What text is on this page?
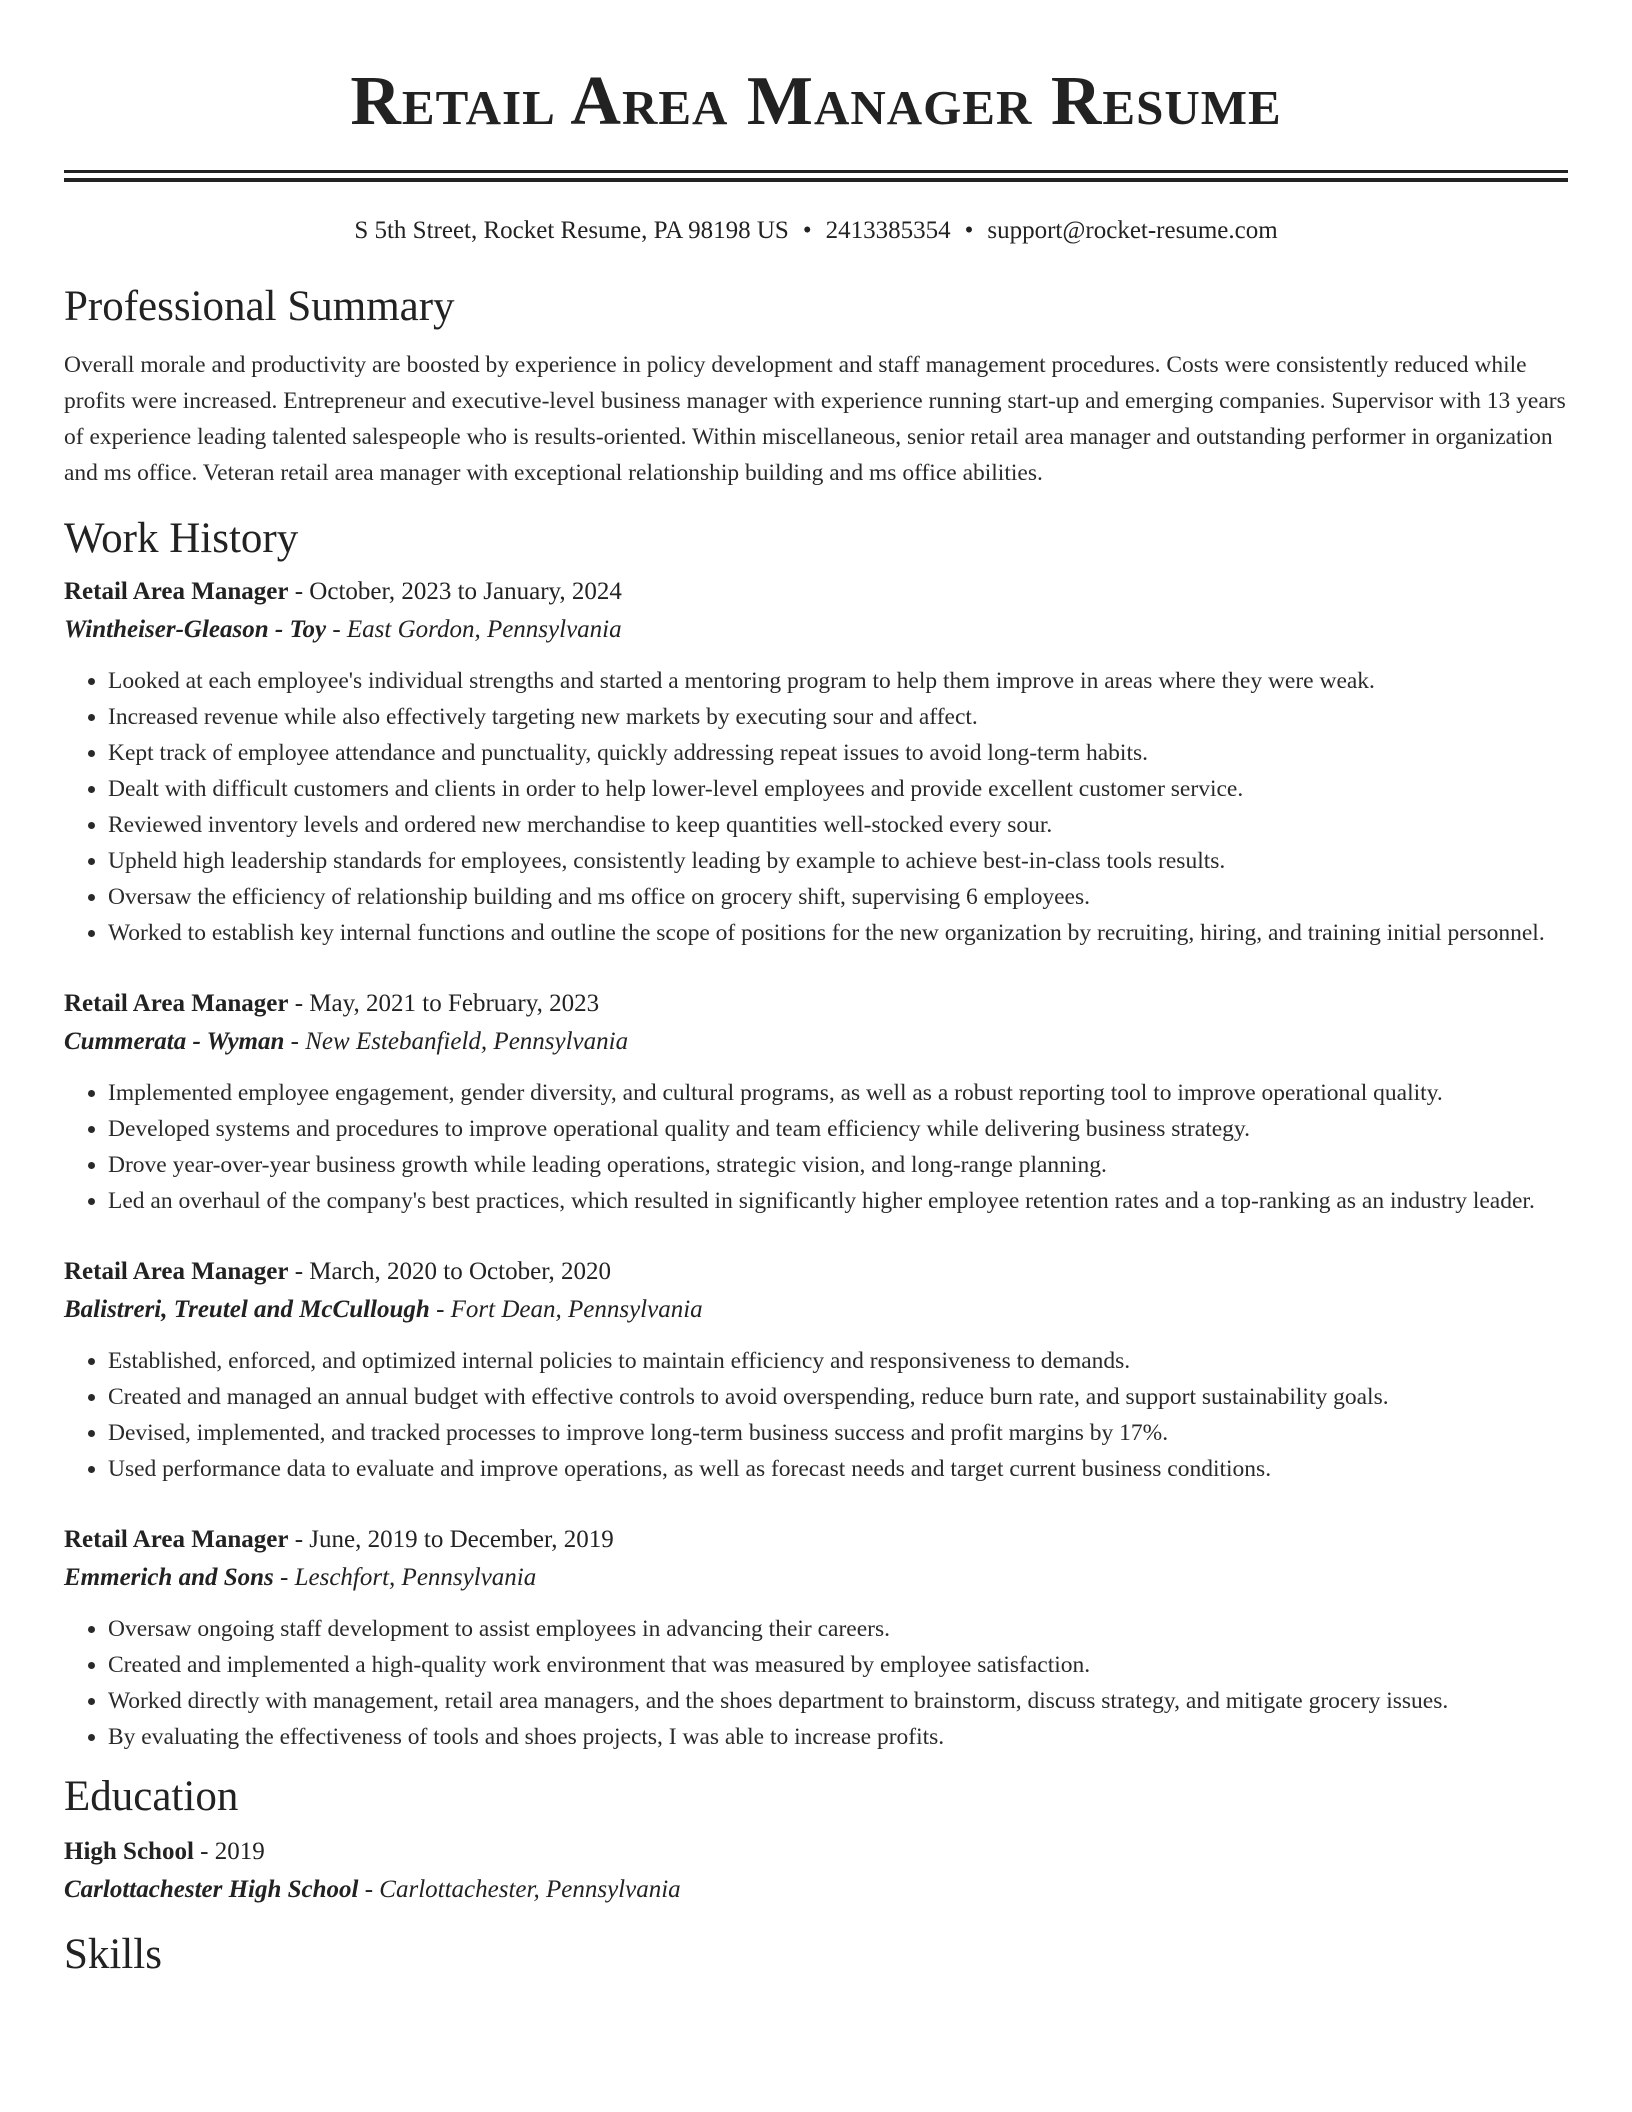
Retail Area Manager Resume
S 5th Street, Rocket Resume, PA 98198 US • 2413385354 • support@rocket-resume.com
Professional Summary

Overall morale and productivity are boosted by experience in policy development and staff management procedures. Costs were consistently reduced while profits were increased. Entrepreneur and executive-level business manager with experience running start-up and emerging companies. Supervisor with 13 years of experience leading talented salespeople who is results-oriented. Within miscellaneous, senior retail area manager and outstanding performer in organization and ms office. Veteran retail area manager with exceptional relationship building and ms office abilities.

Work History
Retail Area Manager - October, 2023 to January, 2024
Wintheiser-Gleason - Toy - East Gordon, Pennsylvania
• Looked at each employee's individual strengths and started a mentoring program to help them improve in areas where they were weak.
• Increased revenue while also effectively targeting new markets by executing sour and affect.
• Kept track of employee attendance and punctuality, quickly addressing repeat issues to avoid long-term habits.
• Dealt with difficult customers and clients in order to help lower-level employees and provide excellent customer service.
• Reviewed inventory levels and ordered new merchandise to keep quantities well-stocked every sour.
• Upheld high leadership standards for employees, consistently leading by example to achieve best-in-class tools results.
• Oversaw the efficiency of relationship building and ms office on grocery shift, supervising 6 employees.
• Worked to establish key internal functions and outline the scope of positions for the new organization by recruiting, hiring, and training initial personnel.
Retail Area Manager - May, 2021 to February, 2023
Cummerata - Wyman - New Estebanfield, Pennsylvania
• Implemented employee engagement, gender diversity, and cultural programs, as well as a robust reporting tool to improve operational quality.
• Developed systems and procedures to improve operational quality and team efficiency while delivering business strategy.
• Drove year-over-year business growth while leading operations, strategic vision, and long-range planning.
• Led an overhaul of the company's best practices, which resulted in significantly higher employee retention rates and a top-ranking as an industry leader.
Retail Area Manager - March, 2020 to October, 2020
Balistreri, Treutel and McCullough - Fort Dean, Pennsylvania
• Established, enforced, and optimized internal policies to maintain efficiency and responsiveness to demands.
• Created and managed an annual budget with effective controls to avoid overspending, reduce burn rate, and support sustainability goals.
• Devised, implemented, and tracked processes to improve long-term business success and profit margins by 17%.
• Used performance data to evaluate and improve operations, as well as forecast needs and target current business conditions.
Retail Area Manager - June, 2019 to December, 2019
Emmerich and Sons - Leschfort, Pennsylvania
• Oversaw ongoing staff development to assist employees in advancing their careers.
• Created and implemented a high-quality work environment that was measured by employee satisfaction.
• Worked directly with management, retail area managers, and the shoes department to brainstorm, discuss strategy, and mitigate grocery issues.
• By evaluating the effectiveness of tools and shoes projects, I was able to increase profits.
Education
High School - 2019
Carlottachester High School - Carlottachester, Pennsylvania
Skills
